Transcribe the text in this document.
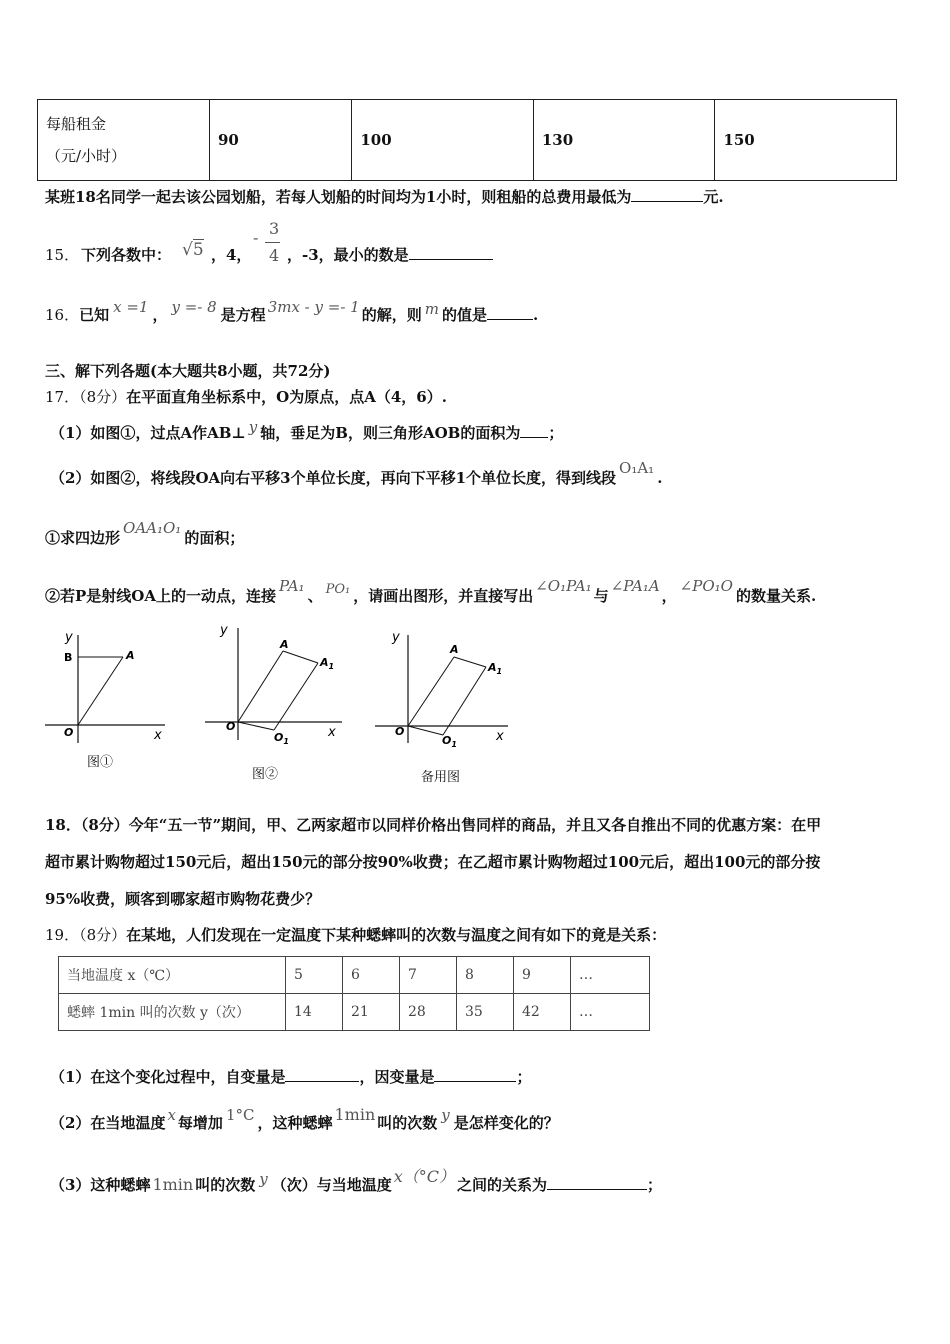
每船租金
（元/小时）
	90	100	130	150
某班18名同学一起去该公园划船，若每人划船的时间均为1小时，则租船的总费用最低为	元.
15． 下列各数中： √5 ，4，
- 3
4 ，-3，最小的数是
16．已知 x =1 ， y =- 8 是方程 3mx - y =- 1 的解，则 m 的值是	.
三、解下列各题(本大题共8小题，共72分)
17．（8分）在平面直角坐标系中，O为原点，点A（4，6）.
（1）如图①，过点A作AB⊥ y 轴，垂足为B，则三角形AOB的面积为 ；
（2）如图②，将线段OA向右平移3个单位长度，再向下平移1个单位长度，得到线段O₁A₁.
①求四边形OAA₁O₁的面积；
②若P是射线OA上的一动点，连接PA₁、 PO₁ ，请画出图形，并直接写出∠O₁PA₁与∠PA₁A，∠PO₁O的数量关系.
y
x
O
B	A
图①
y
x
O
A
$A_1$
$O_1$
图②
y
x
O
A
$A_1$
$O_1$
备用图
18．（8分）今年“五一节”期间，甲、乙两家超市以同样价格出售同样的商品，并且又各自推出不同的优惠方案：在甲
超市累计购物超过150元后，超出150元的部分按90%收费；在乙超市累计购物超过100元后，超出100元的部分按
95%收费，顾客到哪家超市购物花费少？
19．（8分）在某地，人们发现在一定温度下某种蟋蟀叫的次数与温度之间有如下的竟是关系：
当地温度 x（℃）	5	6	7	8	9	…
蟋蟀 1min 叫的次数 y（次）	14	21	28	35	42	…
（1）在这个变化过程中，自变量是	，因变量是	；
（2）在当地温度 x 每增加 1°C ，这种蟋蟀 1min 叫的次数 y 是怎样变化的？
（3）这种蟋蟀 1min 叫的次数 y （次）与当地温度 x（°C） 之间的关系为	；
